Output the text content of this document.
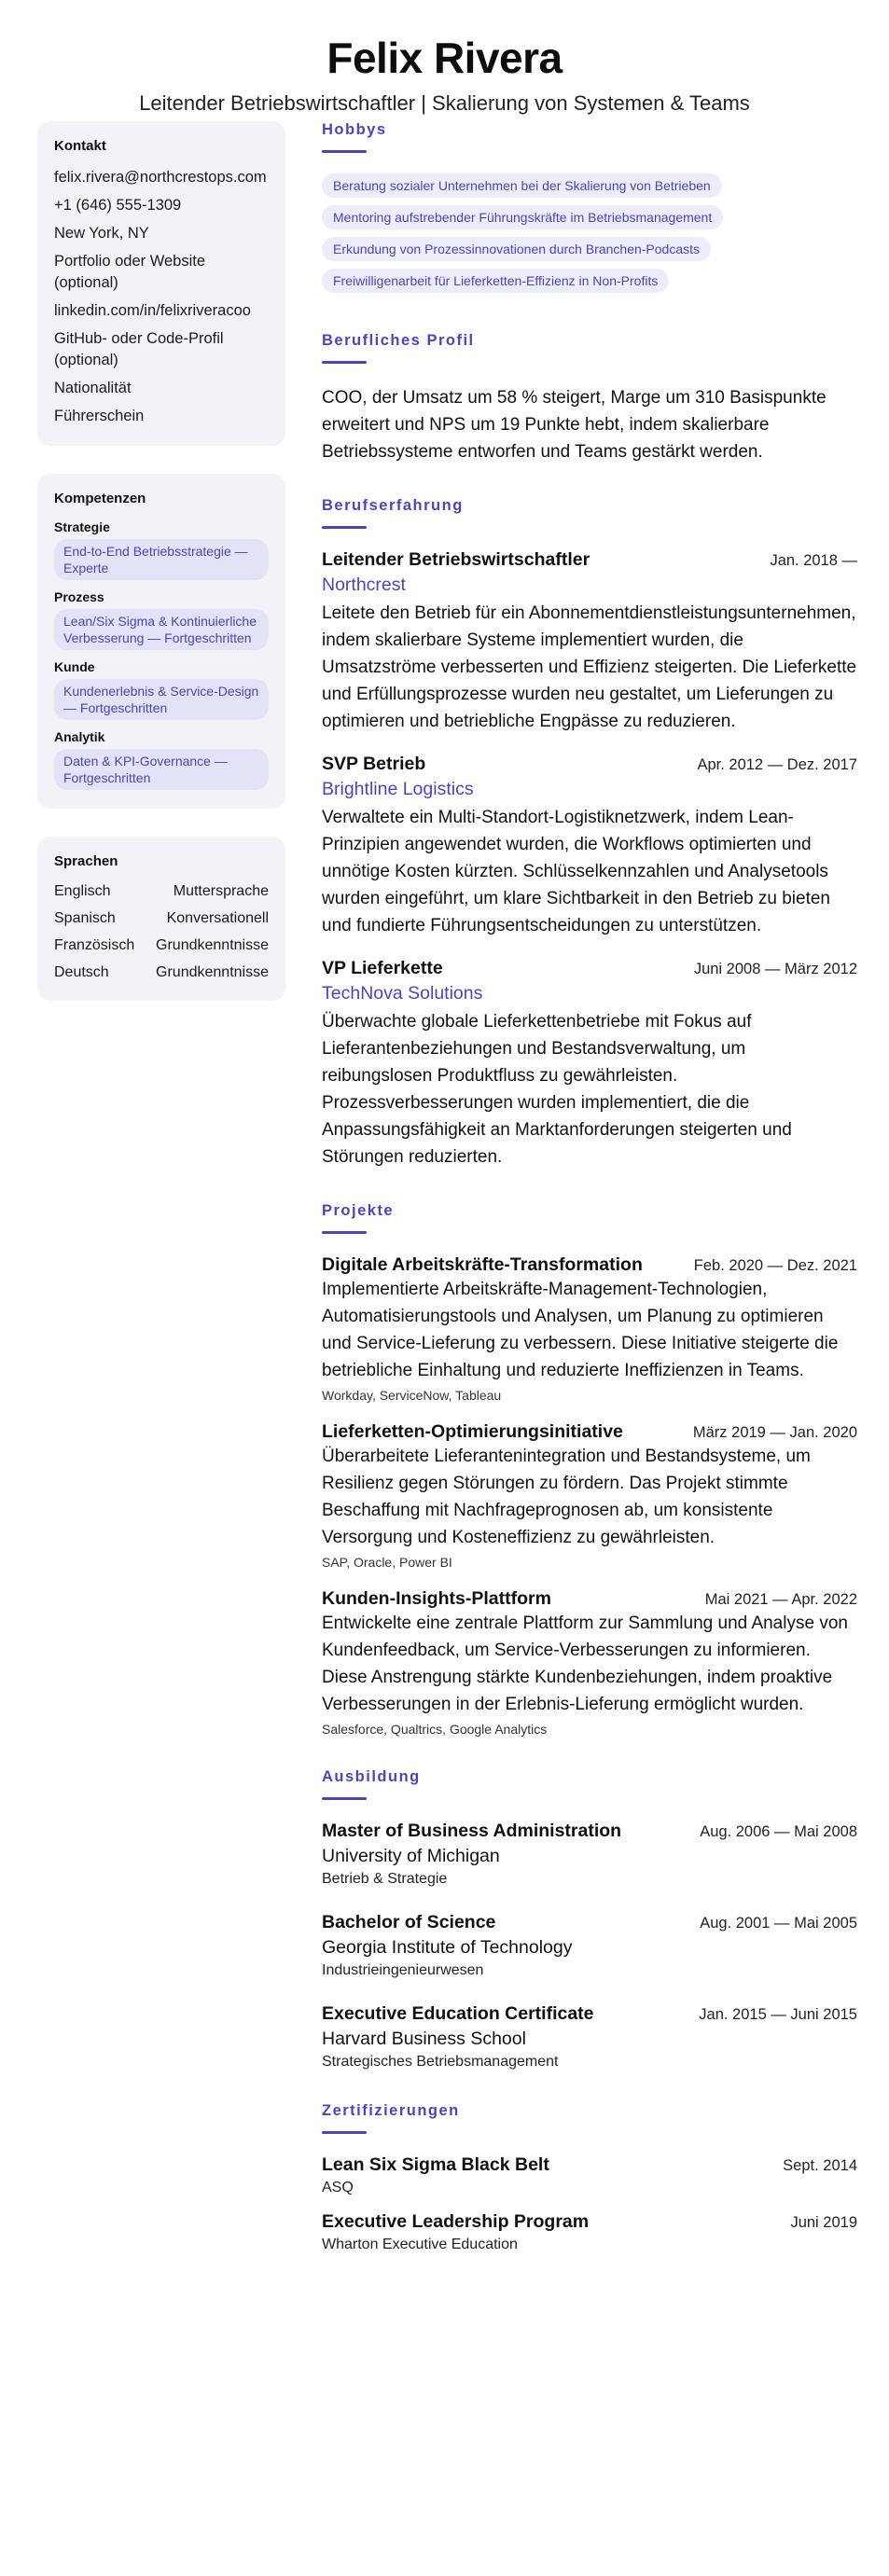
Felix Rivera
Leitender Betriebswirtschaftler | Skalierung von Systemen & Teams
Kontakt
felix.rivera@northcrestops.com
+1 (646) 555-1309
New York, NY
Portfolio oder Website (optional)
linkedin.com/in/felixriveracoo
GitHub- oder Code-Profil (optional)
Nationalität
Führerschein
Kompetenzen
Strategie
End-to-End Betriebsstrategie — Experte
Prozess
Lean/Six Sigma & Kontinuierliche Verbesserung — Fortgeschritten
Kunde
Kundenerlebnis & Service-Design — Fortgeschritten
Analytik
Daten & KPI-Governance — Fortgeschritten
Sprachen
Englisch	Muttersprache
Spanisch	Konversationell
Französisch Grundkenntnisse
Deutsch	Grundkenntnisse
Hobbys
Beratung sozialer Unternehmen bei der Skalierung von Betrieben
Mentoring aufstrebender Führungskräfte im Betriebsmanagement
Erkundung von Prozessinnovationen durch Branchen-Podcasts
Freiwilligenarbeit für Lieferketten-Effizienz in Non-Profits
Berufliches Profil

COO, der Umsatz um 58 % steigert, Marge um 310 Basispunkte erweitert und NPS um 19 Punkte hebt, indem skalierbare Betriebssysteme entworfen und Teams gestärkt werden.

Berufserfahrung
Leitender Betriebswirtschaftler	Jan. 2018 —
Northcrest

Leitete den Betrieb für ein Abonnementdienstleistungsunternehmen, indem skalierbare Systeme implementiert wurden, die Umsatzströme verbesserten und Effizienz steigerten. Die Lieferkette und Erfüllungsprozesse wurden neu gestaltet, um Lieferungen zu optimieren und betriebliche Engpässe zu reduzieren.

SVP Betrieb	Apr. 2012 — Dez. 2017
Brightline Logistics

Verwaltete ein Multi-Standort-Logistiknetzwerk, indem Lean-Prinzipien angewendet wurden, die Workflows optimierten und unnötige Kosten kürzten. Schlüsselkennzahlen und Analysetools wurden eingeführt, um klare Sichtbarkeit in den Betrieb zu bieten und fundierte Führungsentscheidungen zu unterstützen.

VP Lieferkette	Juni 2008 — März 2012
TechNova Solutions

Überwachte globale Lieferkettenbetriebe mit Fokus auf Lieferantenbeziehungen und Bestandsverwaltung, um reibungslosen Produktfluss zu gewährleisten. Prozessverbesserungen wurden implementiert, die die Anpassungsfähigkeit an Marktanforderungen steigerten und Störungen reduzierten.

Projekte
Digitale Arbeitskräfte-Transformation	Feb. 2020 — Dez. 2021

Implementierte Arbeitskräfte-Management-Technologien, Automatisierungstools und Analysen, um Planung zu optimieren und Service-Lieferung zu verbessern. Diese Initiative steigerte die betriebliche Einhaltung und reduzierte Ineffizienzen in Teams.

Workday, ServiceNow, Tableau
Lieferketten-Optimierungsinitiative	März 2019 — Jan. 2020

Überarbeitete Lieferantenintegration und Bestandsysteme, um Resilienz gegen Störungen zu fördern. Das Projekt stimmte Beschaffung mit Nachfrageprognosen ab, um konsistente Versorgung und Kosteneffizienz zu gewährleisten.

SAP, Oracle, Power BI
Kunden-Insights-Plattform	Mai 2021 — Apr. 2022

Entwickelte eine zentrale Plattform zur Sammlung und Analyse von Kundenfeedback, um Service-Verbesserungen zu informieren. Diese Anstrengung stärkte Kundenbeziehungen, indem proaktive Verbesserungen in der Erlebnis-Lieferung ermöglicht wurden.

Salesforce, Qualtrics, Google Analytics
Ausbildung
Master of Business Administration	Aug. 2006 — Mai 2008
University of Michigan
Betrieb & Strategie
Bachelor of Science	Aug. 2001 — Mai 2005
Georgia Institute of Technology
Industrieingenieurwesen
Executive Education Certificate	Jan. 2015 — Juni 2015
Harvard Business School
Strategisches Betriebsmanagement
Zertifizierungen
Lean Six Sigma Black Belt	Sept. 2014
ASQ
Executive Leadership Program	Juni 2019
Wharton Executive Education
